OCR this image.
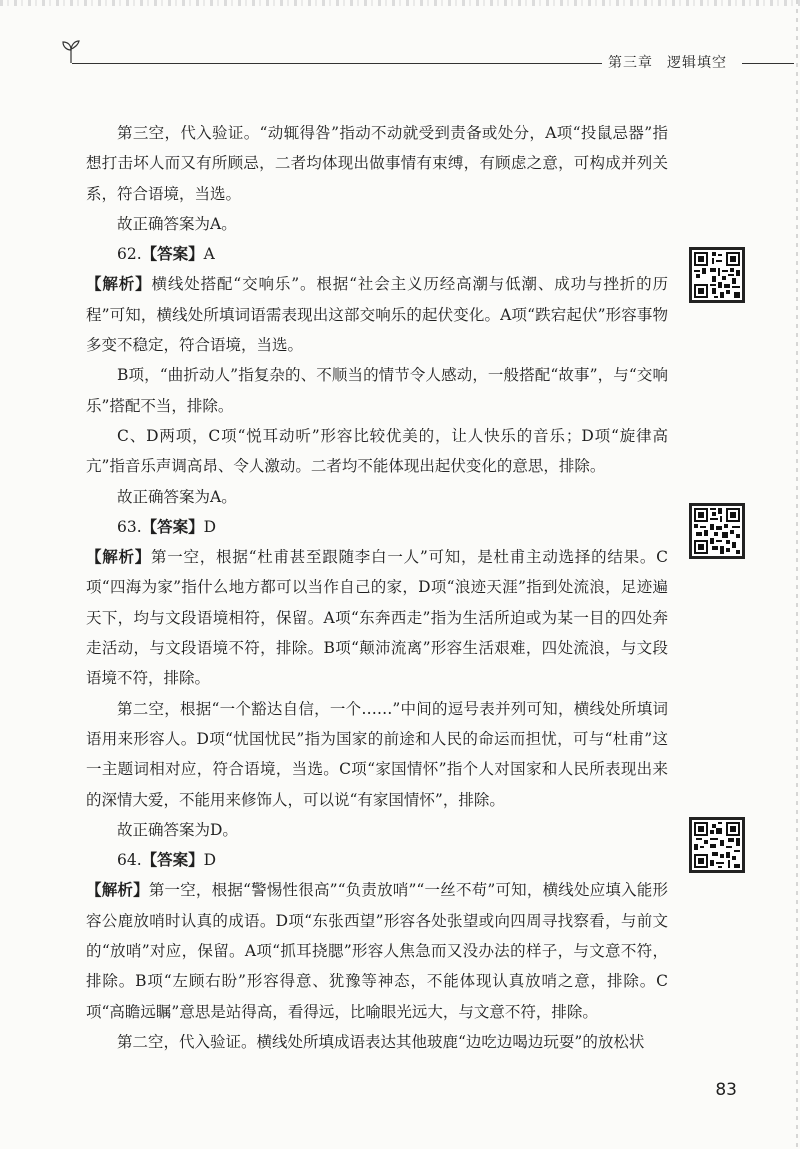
第三章 逻辑填空

第三空，代入验证。“动辄得咎”指动不动就受到责备或处分，A项“投鼠忌器”指想打击坏人而又有所顾忌，二者均体现出做事情有束缚，有顾虑之意，可构成并列关系，符合语境，当选。

故正确答案为A。

62.【答案】A

【解析】横线处搭配“交响乐”。根据“社会主义历经高潮与低潮、成功与挫折的历程”可知，横线处所填词语需表现出这部交响乐的起伏变化。A项“跌宕起伏”形容事物多变不稳定，符合语境，当选。

B项，“曲折动人”指复杂的、不顺当的情节令人感动，一般搭配“故事”，与“交响乐”搭配不当，排除。

C、D两项，C项“悦耳动听”形容比较优美的，让人快乐的音乐；D项“旋律高亢”指音乐声调高昂、令人激动。二者均不能体现出起伏变化的意思，排除。

故正确答案为A。

63.【答案】D

【解析】第一空，根据“杜甫甚至跟随李白一人”可知，是杜甫主动选择的结果。C项“四海为家”指什么地方都可以当作自己的家，D项“浪迹天涯”指到处流浪，足迹遍天下，均与文段语境相符，保留。A项“东奔西走”指为生活所迫或为某一目的四处奔走活动，与文段语境不符，排除。B项“颠沛流离”形容生活艰难，四处流浪，与文段语境不符，排除。

第二空，根据“一个豁达自信，一个……”中间的逗号表并列可知，横线处所填词语用来形容人。D项“忧国忧民”指为国家的前途和人民的命运而担忧，可与“杜甫”这一主题词相对应，符合语境，当选。C项“家国情怀”指个人对国家和人民所表现出来的深情大爱，不能用来修饰人，可以说“有家国情怀”，排除。

故正确答案为D。

64.【答案】D

【解析】第一空，根据“警惕性很高”“负责放哨”“一丝不苟”可知，横线处应填入能形容公鹿放哨时认真的成语。D项“东张西望”形容各处张望或向四周寻找察看，与前文的“放哨”对应，保留。A项“抓耳挠腮”形容人焦急而又没办法的样子，与文意不符，排除。B项“左顾右盼”形容得意、犹豫等神态，不能体现认真放哨之意，排除。C项“高瞻远瞩”意思是站得高，看得远，比喻眼光远大，与文意不符，排除。

第二空，代入验证。横线处所填成语表达其他玻鹿“边吃边喝边玩耍”的放松状

83
